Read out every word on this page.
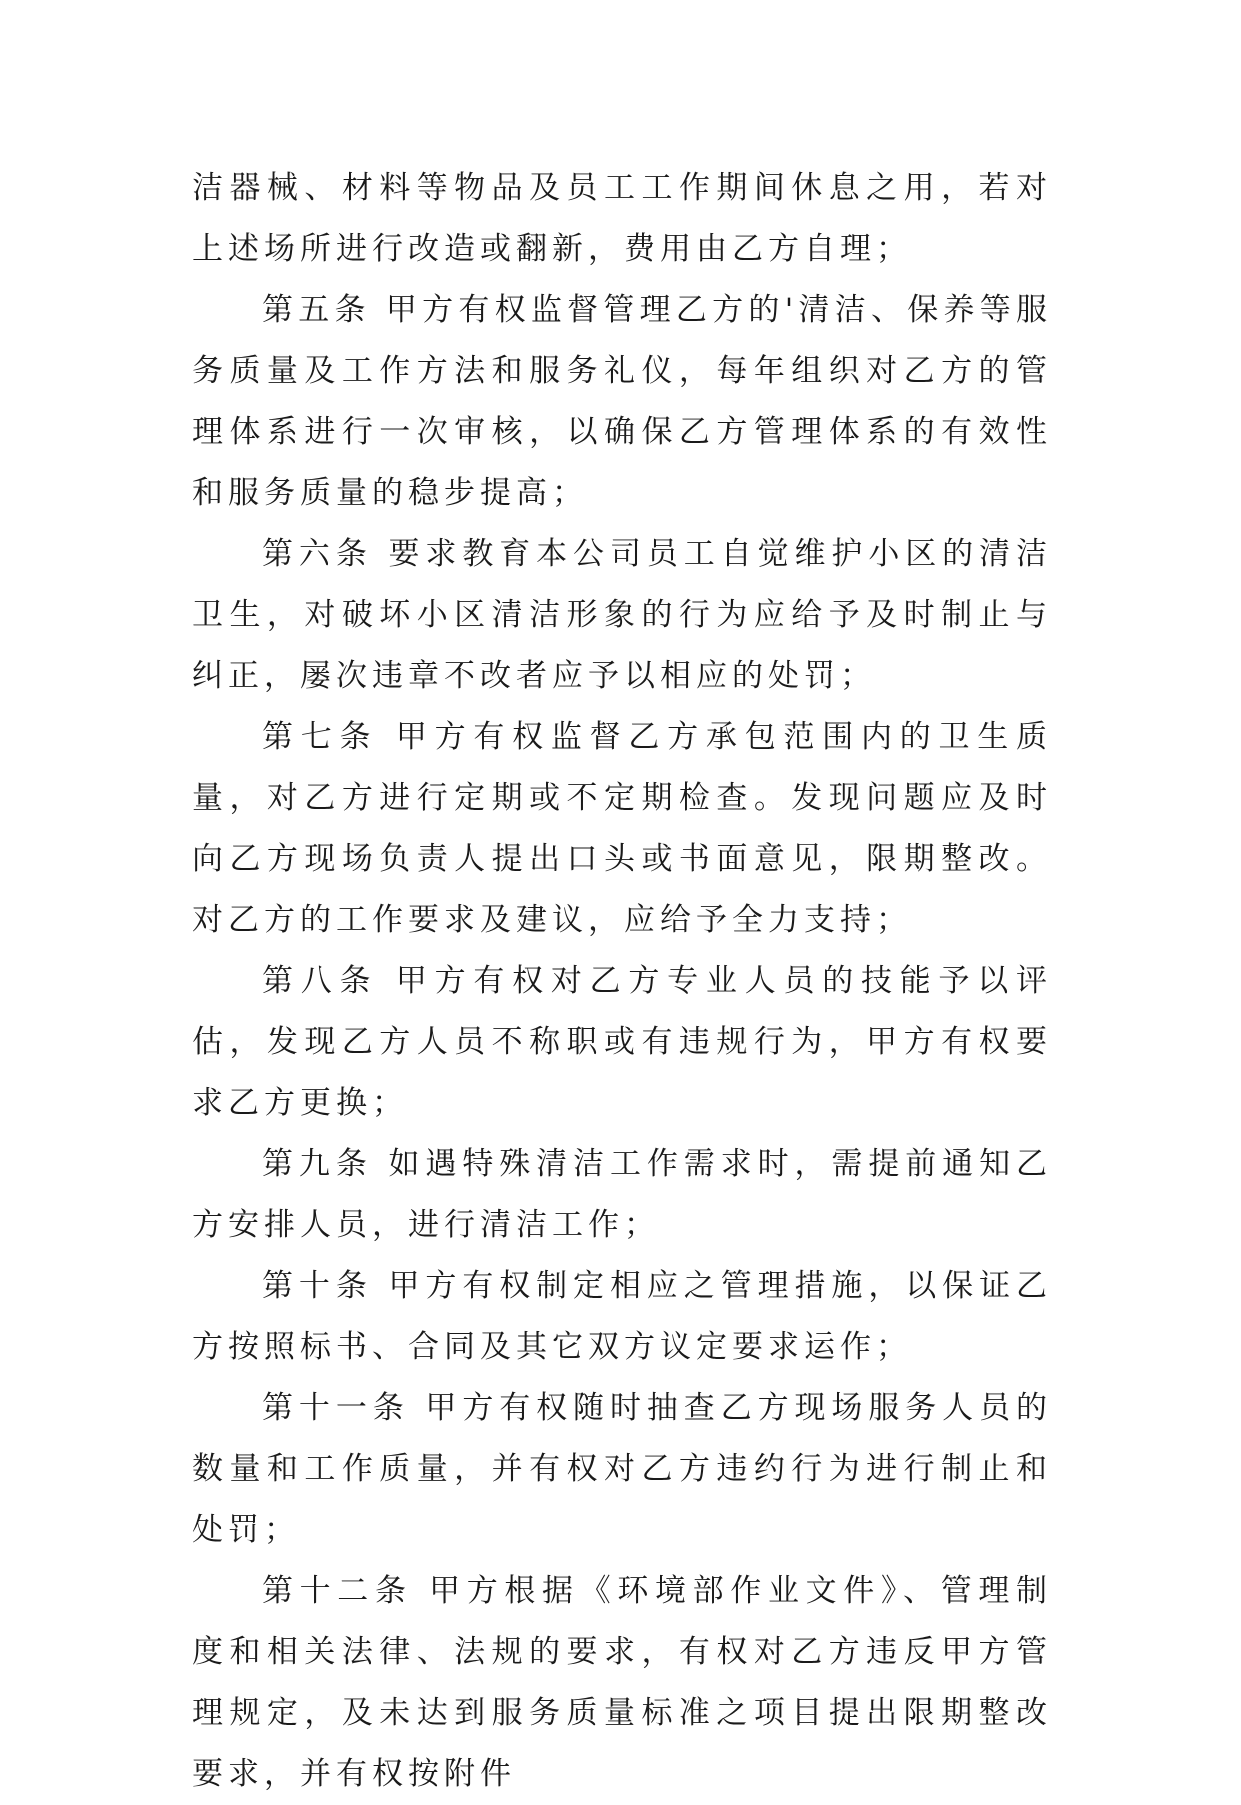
洁器械、材料等物品及员工工作期间休息之用，若对上述场所进行改造或翻新，费用由乙方自理；

第五条 甲方有权监督管理乙方的'清洁、保养等服务质量及工作方法和服务礼仪，每年组织对乙方的管理体系进行一次审核，以确保乙方管理体系的有效性和服务质量的稳步提高；

第六条 要求教育本公司员工自觉维护小区的清洁卫生，对破坏小区清洁形象的行为应给予及时制止与纠正，屡次违章不改者应予以相应的处罚；

第七条 甲方有权监督乙方承包范围内的卫生质量，对乙方进行定期或不定期检查。发现问题应及时向乙方现场负责人提出口头或书面意见，限期整改。对乙方的工作要求及建议，应给予全力支持；

第八条 甲方有权对乙方专业人员的技能予以评估，发现乙方人员不称职或有违规行为，甲方有权要求乙方更换；

第九条 如遇特殊清洁工作需求时，需提前通知乙方安排人员，进行清洁工作；

第十条 甲方有权制定相应之管理措施，以保证乙方按照标书、合同及其它双方议定要求运作；

第十一条 甲方有权随时抽查乙方现场服务人员的数量和工作质量，并有权对乙方违约行为进行制止和处罚；

第十二条 甲方根据《环境部作业文件》、管理制度和相关法律、法规的要求，有权对乙方违反甲方管理规定，及未达到服务质量标准之项目提出限期整改要求，并有权按附件
